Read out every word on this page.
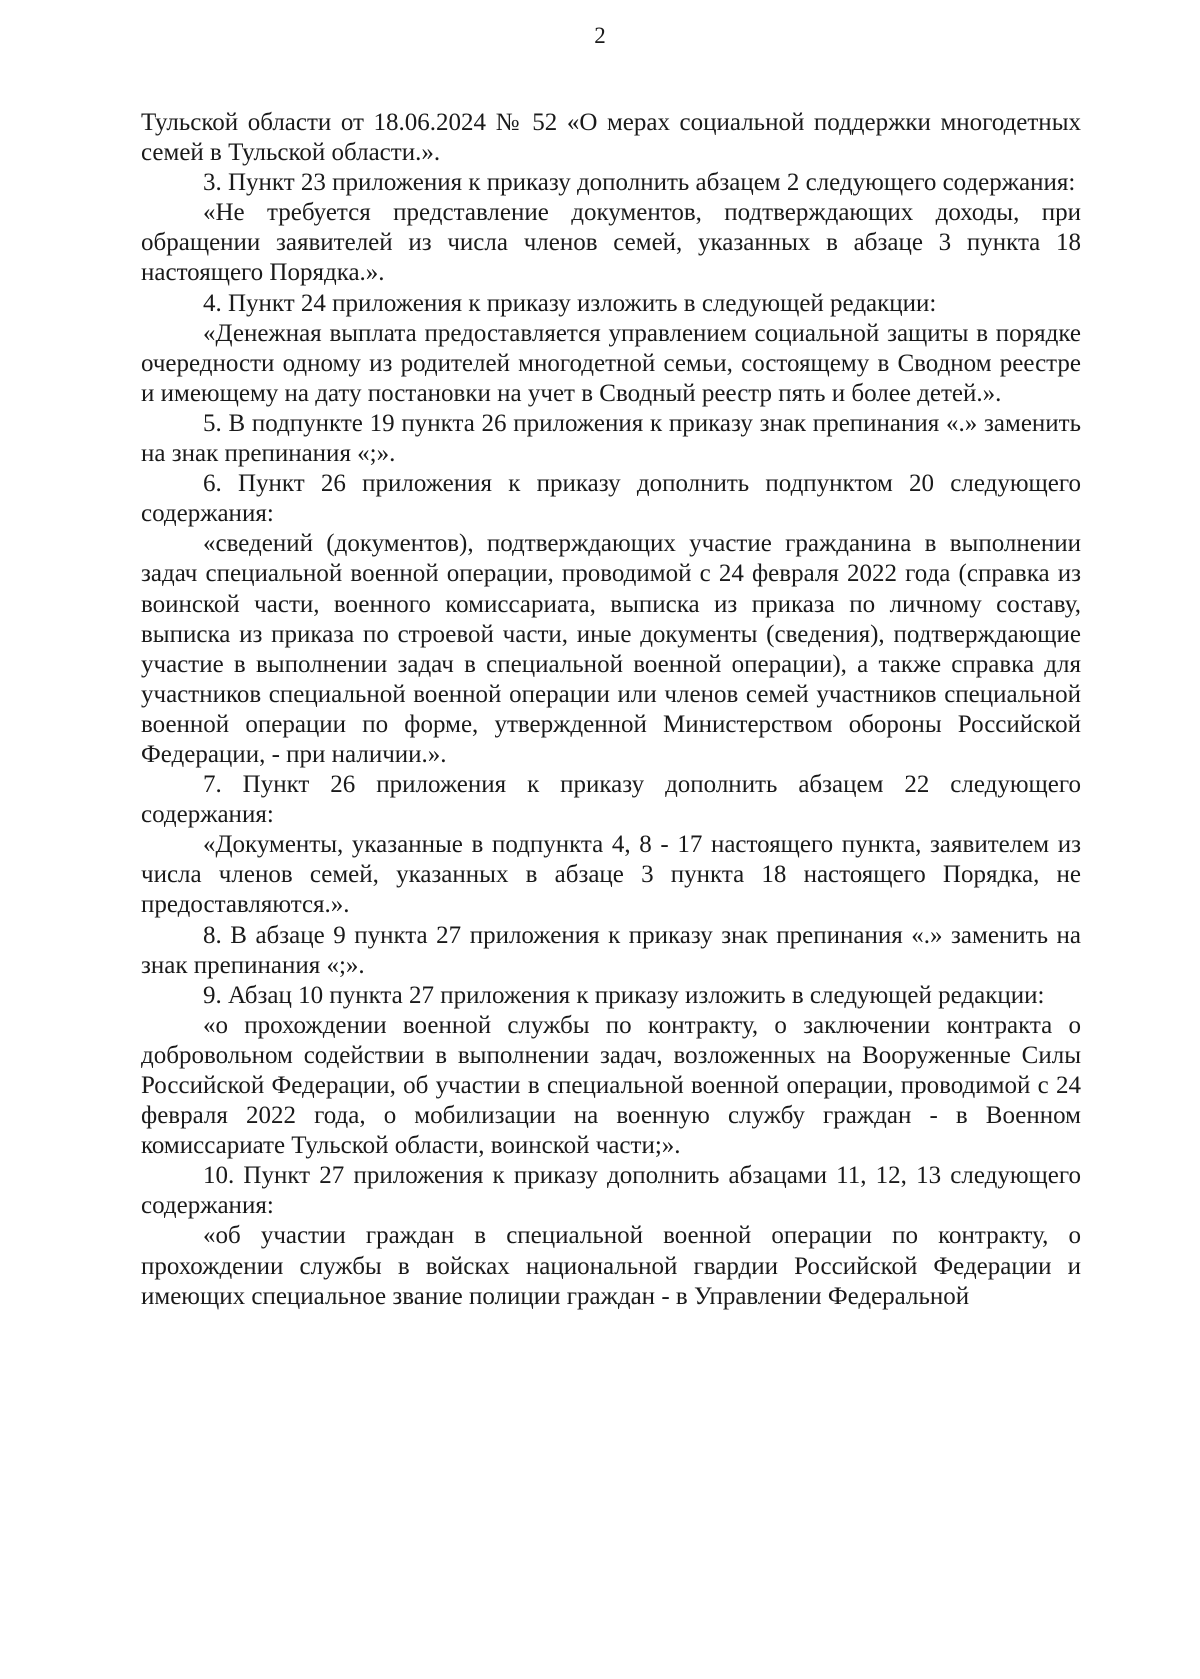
2

Тульской области от 18.06.2024 № 52 «О мерах социальной поддержки многодетных семей в Тульской области.».

3. Пункт 23 приложения к приказу дополнить абзацем 2 следующего содержания:

«Не требуется представление документов, подтверждающих доходы, при обращении заявителей из числа членов семей, указанных в абзаце 3 пункта 18 настоящего Порядка.».

4. Пункт 24 приложения к приказу изложить в следующей редакции:

«Денежная выплата предоставляется управлением социальной защиты в порядке очередности одному из родителей многодетной семьи, состоящему в Сводном реестре и имеющему на дату постановки на учет в Сводный реестр пять и более детей.».

5. В подпункте 19 пункта 26 приложения к приказу знак препинания «.» заменить на знак препинания «;».

6. Пункт 26 приложения к приказу дополнить подпунктом 20 следующего содержания:

«сведений (документов), подтверждающих участие гражданина в выполнении задач специальной военной операции, проводимой с 24 февраля 2022 года (справка из воинской части, военного комиссариата, выписка из приказа по личному составу, выписка из приказа по строевой части, иные документы (сведения), подтверждающие участие в выполнении задач в специальной военной операции), а также справка для участников специальной военной операции или членов семей участников специальной военной операции по форме, утвержденной Министерством обороны Российской Федерации, - при наличии.».

7. Пункт 26 приложения к приказу дополнить абзацем 22 следующего содержания:

«Документы, указанные в подпункта 4, 8 - 17 настоящего пункта, заявителем из числа членов семей, указанных в абзаце 3 пункта 18 настоящего Порядка, не предоставляются.».

8. В абзаце 9 пункта 27 приложения к приказу знак препинания «.» заменить на знак препинания «;».

9. Абзац 10 пункта 27 приложения к приказу изложить в следующей редакции:

«о прохождении военной службы по контракту, о заключении контракта о добровольном содействии в выполнении задач, возложенных на Вооруженные Силы Российской Федерации, об участии в специальной военной операции, проводимой с 24 февраля 2022 года, о мобилизации на военную службу граждан - в Военном комиссариате Тульской области, воинской части;».

10. Пункт 27 приложения к приказу дополнить абзацами 11, 12, 13 следующего содержания:

«об участии граждан в специальной военной операции по контракту, о прохождении службы в войсках национальной гвардии Российской Федерации и имеющих специальное звание полиции граждан - в Управлении Федеральной
